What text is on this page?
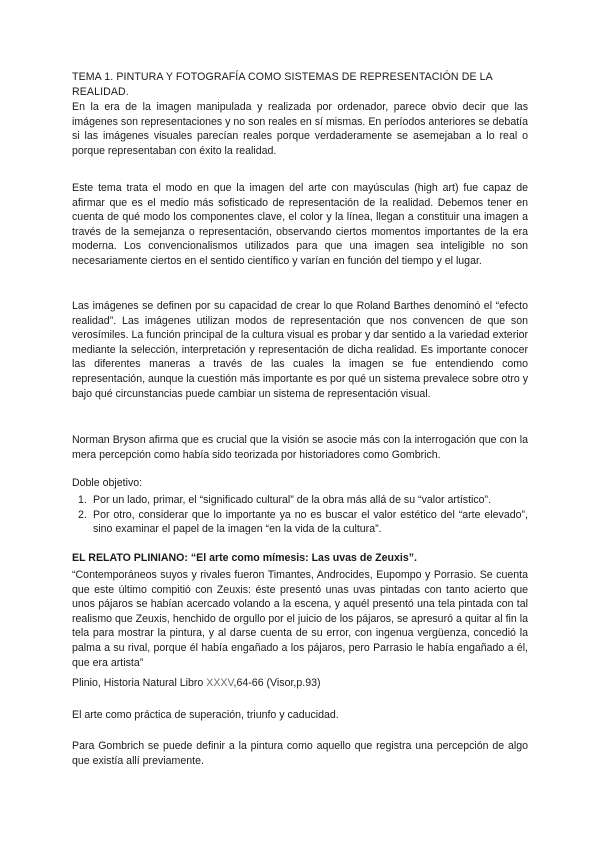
TEMA 1. PINTURA Y FOTOGRAFÍA COMO SISTEMAS DE REPRESENTACIÓN DE LA REALIDAD.

En la era de la imagen manipulada y realizada por ordenador, parece obvio decir que las imágenes son representaciones y no son reales en sí mismas. En períodos anteriores se debatía si las imágenes visuales parecían reales porque verdaderamente se asemejaban a lo real o porque representaban con éxito la realidad.

Este tema trata el modo en que la imagen del arte con mayúsculas (high art) fue capaz de afirmar que es el medio más sofisticado de representación de la realidad. Debemos tener en cuenta de qué modo los componentes clave, el color y la línea, llegan a constituir una imagen a través de la semejanza o representación, observando ciertos momentos importantes de la era moderna. Los convencionalismos utilizados para que una imagen sea inteligible no son necesariamente ciertos en el sentido científico y varían en función del tiempo y el lugar.

Las imágenes se definen por su capacidad de crear lo que Roland Barthes denominó el “efecto realidad”. Las imágenes utilizan modos de representación que nos convencen de que son verosímiles. La función principal de la cultura visual es probar y dar sentido a la variedad exterior mediante la selección, interpretación y representación de dicha realidad. Es importante conocer las diferentes maneras a través de las cuales la imagen se fue entendiendo como representación, aunque la cuestión más importante es por qué un sistema prevalece sobre otro y bajo qué circunstancias puede cambiar un sistema de representación visual.

Norman Bryson afirma que es crucial que la visión se asocie más con la interrogación que con la mera percepción como había sido teorizada por historiadores como Gombrich.

Doble objetivo:

1. Por un lado, primar, el “significado cultural” de la obra más allá de su “valor artístico”.
2. Por otro, considerar que lo importante ya no es buscar el valor estético del “arte elevado”, sino examinar el papel de la imagen “en la vida de la cultura”.

EL RELATO PLINIANO: “El arte como mímesis: Las uvas de Zeuxis”.

“Contemporáneos suyos y rivales fueron Timantes, Androcides, Eupompo y Porrasio. Se cuenta que este último compitió con Zeuxis: éste presentó unas uvas pintadas con tanto acierto que unos pájaros se habían acercado volando a la escena, y aquél presentó una tela pintada con tal realismo que Zeuxis, henchido de orgullo por el juicio de los pájaros, se apresuró a quitar al fin la tela para mostrar la pintura, y al darse cuenta de su error, con ingenua vergüenza, concedió la palma a su rival, porque él había engañado a los pájaros, pero Parrasio le había engañado a él, que era artista”

Plinio, Historia Natural Libro XXXV,64-66 (Visor,p.93)

El arte como práctica de superación, triunfo y caducidad.

Para Gombrich se puede definir a la pintura como aquello que registra una percepción de algo que existía allí previamente.
